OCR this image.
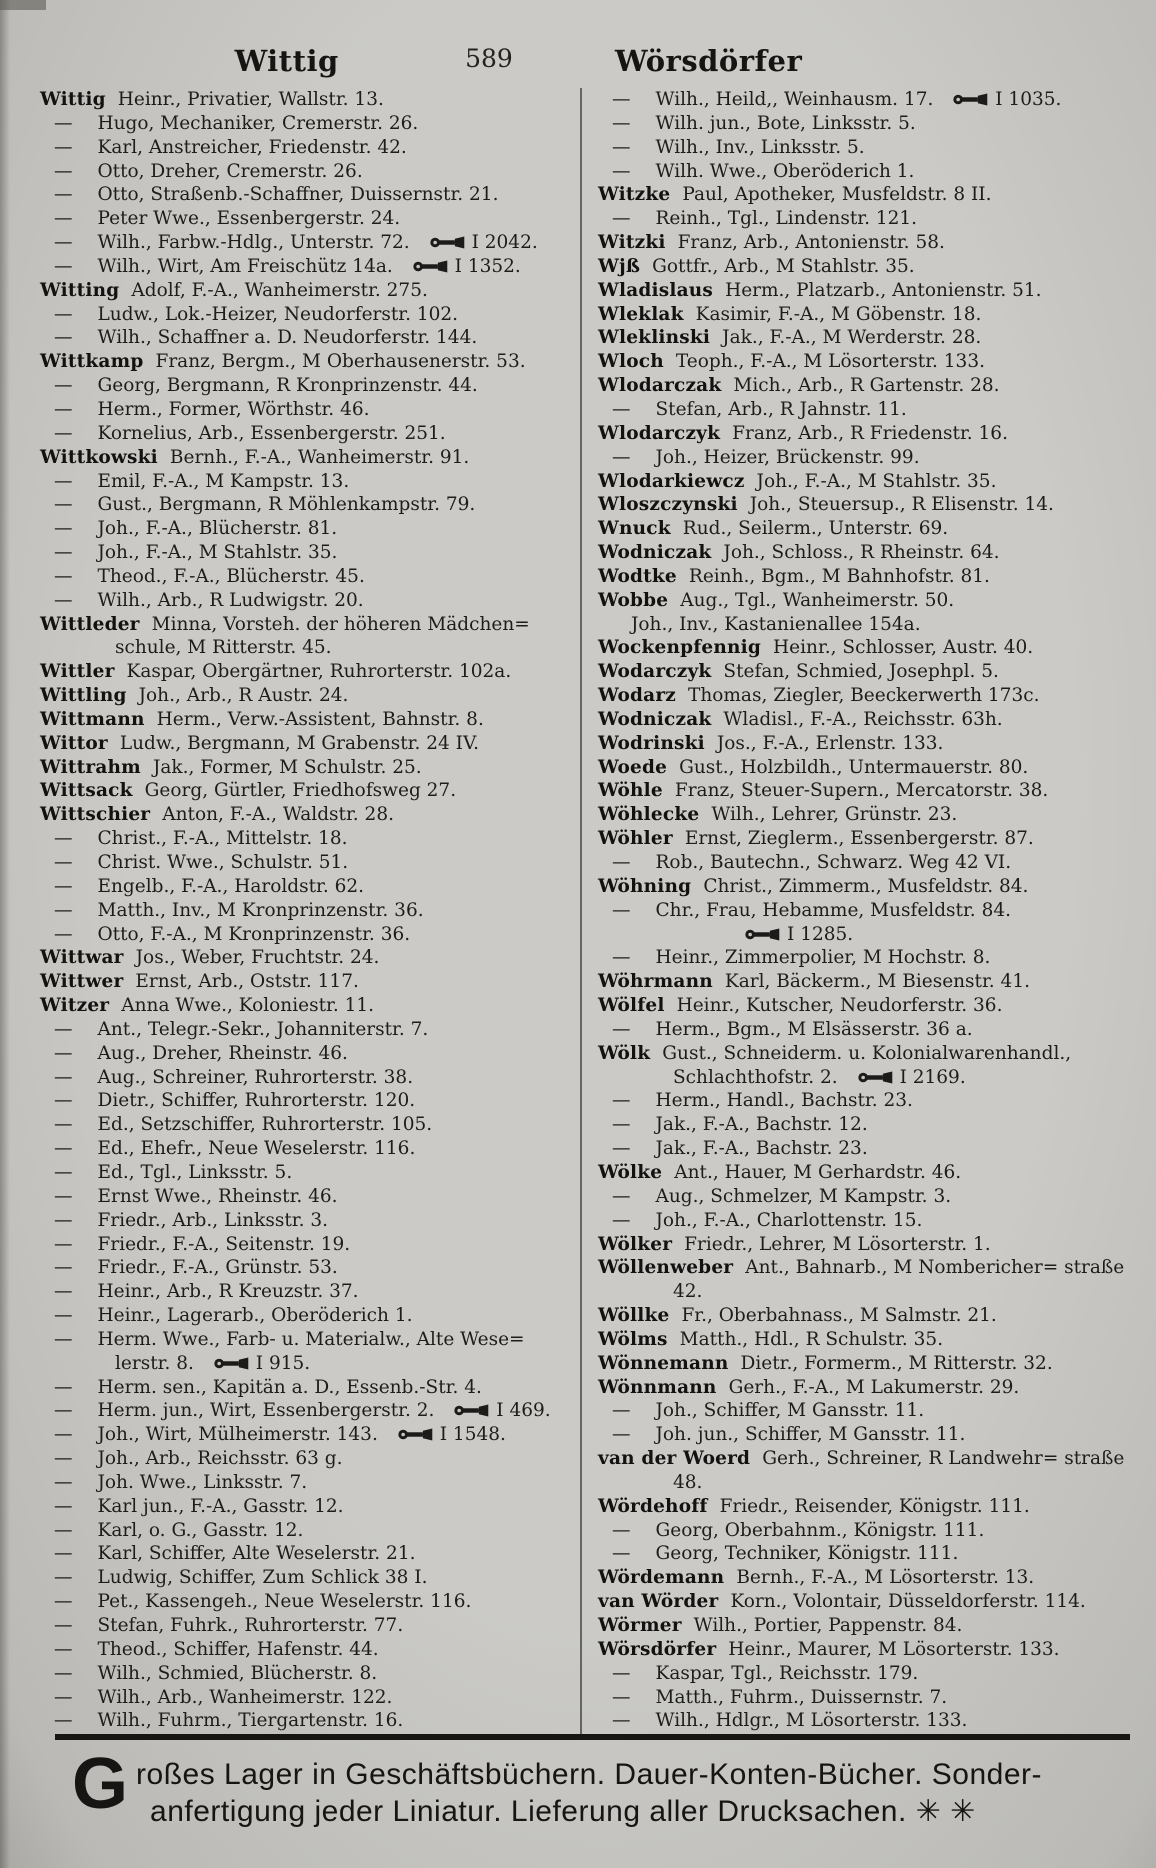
Wittig	589	Wörsdörfer
Wittig Heinr., Privatier, Wallstr. 13.
— Hugo, Mechaniker, Cremerstr. 26.
— Karl, Anstreicher, Friedenstr. 42.
— Otto, Dreher, Cremerstr. 26.
— Otto, Straßenb.-Schaffner, Duissernstr. 21.
— Peter Wwe., Essenbergerstr. 24.
— Wilh., Farbw.-Hdlg., Unterstr. 72.	I 2042.
— Wilh., Wirt, Am Freischütz 14a.	I 1352.
Witting Adolf, F.-A., Wanheimerstr. 275.
— Ludw., Lok.-Heizer, Neudorferstr. 102.
— Wilh., Schaffner a. D. Neudorferstr. 144.
Wittkamp Franz, Bergm., M Oberhausenerstr. 53.
— Georg, Bergmann, R Kronprinzenstr. 44.
— Herm., Former, Wörthstr. 46.
— Kornelius, Arb., Essenbergerstr. 251.
Wittkowski Bernh., F.-A., Wanheimerstr. 91.
— Emil, F.-A., M Kampstr. 13.
— Gust., Bergmann, R Möhlenkampstr. 79.
— Joh., F.-A., Blücherstr. 81.
— Joh., F.-A., M Stahlstr. 35.
— Theod., F.-A., Blücherstr. 45.
— Wilh., Arb., R Ludwigstr. 20.
Wittleder Minna, Vorsteh. der höheren Mädchen= schule, M Ritterstr. 45.
Wittler Kaspar, Obergärtner, Ruhrorterstr. 102a.
Wittling Joh., Arb., R Austr. 24.
Wittmann Herm., Verw.-Assistent, Bahnstr. 8.
Wittor Ludw., Bergmann, M Grabenstr. 24 IV.
Wittrahm Jak., Former, M Schulstr. 25.
Wittsack Georg, Gürtler, Friedhofsweg 27.
Wittschier Anton, F.-A., Waldstr. 28.
— Christ., F.-A., Mittelstr. 18.
— Christ. Wwe., Schulstr. 51.
— Engelb., F.-A., Haroldstr. 62.
— Matth., Inv., M Kronprinzenstr. 36.
— Otto, F.-A., M Kronprinzenstr. 36.
Wittwar Jos., Weber, Fruchtstr. 24.
Wittwer Ernst, Arb., Oststr. 117.
Witzer Anna Wwe., Koloniestr. 11.
— Ant., Telegr.-Sekr., Johanniterstr. 7.
— Aug., Dreher, Rheinstr. 46.
— Aug., Schreiner, Ruhrorterstr. 38.
— Dietr., Schiffer, Ruhrorterstr. 120.
— Ed., Setzschiffer, Ruhrorterstr. 105.
— Ed., Ehefr., Neue Weselerstr. 116.
— Ed., Tgl., Linksstr. 5.
— Ernst Wwe., Rheinstr. 46.
— Friedr., Arb., Linksstr. 3.
— Friedr., F.-A., Seitenstr. 19.
— Friedr., F.-A., Grünstr. 53.
— Heinr., Arb., R Kreuzstr. 37.
— Heinr., Lagerarb., Oberöderich 1.
— Herm. Wwe., Farb- u. Materialw., Alte Wese= lerstr. 8.	I 915.
— Herm. sen., Kapitän a. D., Essenb.-Str. 4.
— Herm. jun., Wirt, Essenbergerstr. 2.	I 469.
— Joh., Wirt, Mülheimerstr. 143.	I 1548.
— Joh., Arb., Reichsstr. 63 g.
— Joh. Wwe., Linksstr. 7.
— Karl jun., F.-A., Gasstr. 12.
— Karl, o. G., Gasstr. 12.
— Karl, Schiffer, Alte Weselerstr. 21.
— Ludwig, Schiffer, Zum Schlick 38 I.
— Pet., Kassengeh., Neue Weselerstr. 116.
— Stefan, Fuhrk., Ruhrorterstr. 77.
— Theod., Schiffer, Hafenstr. 44.
— Wilh., Schmied, Blücherstr. 8.
— Wilh., Arb., Wanheimerstr. 122.
— Wilh., Fuhrm., Tiergartenstr. 16.
— Wilh., Heild,, Weinhausm. 17.	I 1035.
— Wilh. jun., Bote, Linksstr. 5.
— Wilh., Inv., Linksstr. 5.
— Wilh. Wwe., Oberöderich 1.
Witzke Paul, Apotheker, Musfeldstr. 8 II.
— Reinh., Tgl., Lindenstr. 121.
Witzki Franz, Arb., Antonienstr. 58.
Wjß Gottfr., Arb., M Stahlstr. 35.
Wladislaus Herm., Platzarb., Antonienstr. 51.
Wleklak Kasimir, F.-A., M Göbenstr. 18.
Wleklinski Jak., F.-A., M Werderstr. 28.
Wloch Teoph., F.-A., M Lösorterstr. 133.
Wlodarczak Mich., Arb., R Gartenstr. 28.
— Stefan, Arb., R Jahnstr. 11.
Wlodarczyk Franz, Arb., R Friedenstr. 16.
— Joh., Heizer, Brückenstr. 99.
Wlodarkiewcz Joh., F.-A., M Stahlstr. 35.
Wloszczynski Joh., Steuersup., R Elisenstr. 14.
Wnuck Rud., Seilerm., Unterstr. 69.
Wodniczak Joh., Schloss., R Rheinstr. 64.
Wodtke Reinh., Bgm., M Bahnhofstr. 81.
Wobbe Aug., Tgl., Wanheimerstr. 50.
Joh., Inv., Kastanienallee 154a.
Wockenpfennig Heinr., Schlosser, Austr. 40.
Wodarczyk Stefan, Schmied, Josephpl. 5.
Wodarz Thomas, Ziegler, Beeckerwerth 173c.
Wodniczak Wladisl., F.-A., Reichsstr. 63h.
Wodrinski Jos., F.-A., Erlenstr. 133.
Woede Gust., Holzbildh., Untermauerstr. 80.
Wöhle Franz, Steuer-Supern., Mercatorstr. 38.
Wöhlecke Wilh., Lehrer, Grünstr. 23.
Wöhler Ernst, Zieglerm., Essenbergerstr. 87.
— Rob., Bautechn., Schwarz. Weg 42 VI.
Wöhning Christ., Zimmerm., Musfeldstr. 84.
— Chr., Frau, Hebamme, Musfeldstr. 84.
I 1285.
— Heinr., Zimmerpolier, M Hochstr. 8.
Wöhrmann Karl, Bäckerm., M Biesenstr. 41.
Wölfel Heinr., Kutscher, Neudorferstr. 36.
— Herm., Bgm., M Elsässerstr. 36 a.
Wölk Gust., Schneiderm. u. Kolonialwarenhandl., Schlachthofstr. 2.	I 2169.
— Herm., Handl., Bachstr. 23.
— Jak., F.-A., Bachstr. 12.
— Jak., F.-A., Bachstr. 23.
Wölke Ant., Hauer, M Gerhardstr. 46.
— Aug., Schmelzer, M Kampstr. 3.
— Joh., F.-A., Charlottenstr. 15.
Wölker Friedr., Lehrer, M Lösorterstr. 1.
Wöllenweber Ant., Bahnarb., M Nombericher= straße 42.
Wöllke Fr., Oberbahnass., M Salmstr. 21.
Wölms Matth., Hdl., R Schulstr. 35.
Wönnemann Dietr., Formerm., M Ritterstr. 32.
Wönnmann Gerh., F.-A., M Lakumerstr. 29.
— Joh., Schiffer, M Gansstr. 11.
— Joh. jun., Schiffer, M Gansstr. 11.
van der Woerd Gerh., Schreiner, R Landwehr= straße 48.
Wördehoff Friedr., Reisender, Königstr. 111.
— Georg, Oberbahnm., Königstr. 111.
— Georg, Techniker, Königstr. 111.
Wördemann Bernh., F.-A., M Lösorterstr. 13.
van Wörder Korn., Volontair, Düsseldorferstr. 114.
Wörmer Wilh., Portier, Pappenstr. 84.
Wörsdörfer Heinr., Maurer, M Lösorterstr. 133.
— Kaspar, Tgl., Reichsstr. 179.
— Matth., Fuhrm., Duissernstr. 7.
— Wilh., Hdlgr., M Lösorterstr. 133.
G roßes Lager in Geschäftsbüchern. Dauer-Konten-Bücher. Sonder-
anfertigung jeder Liniatur. Lieferung aller Drucksachen. ✳ ✳
